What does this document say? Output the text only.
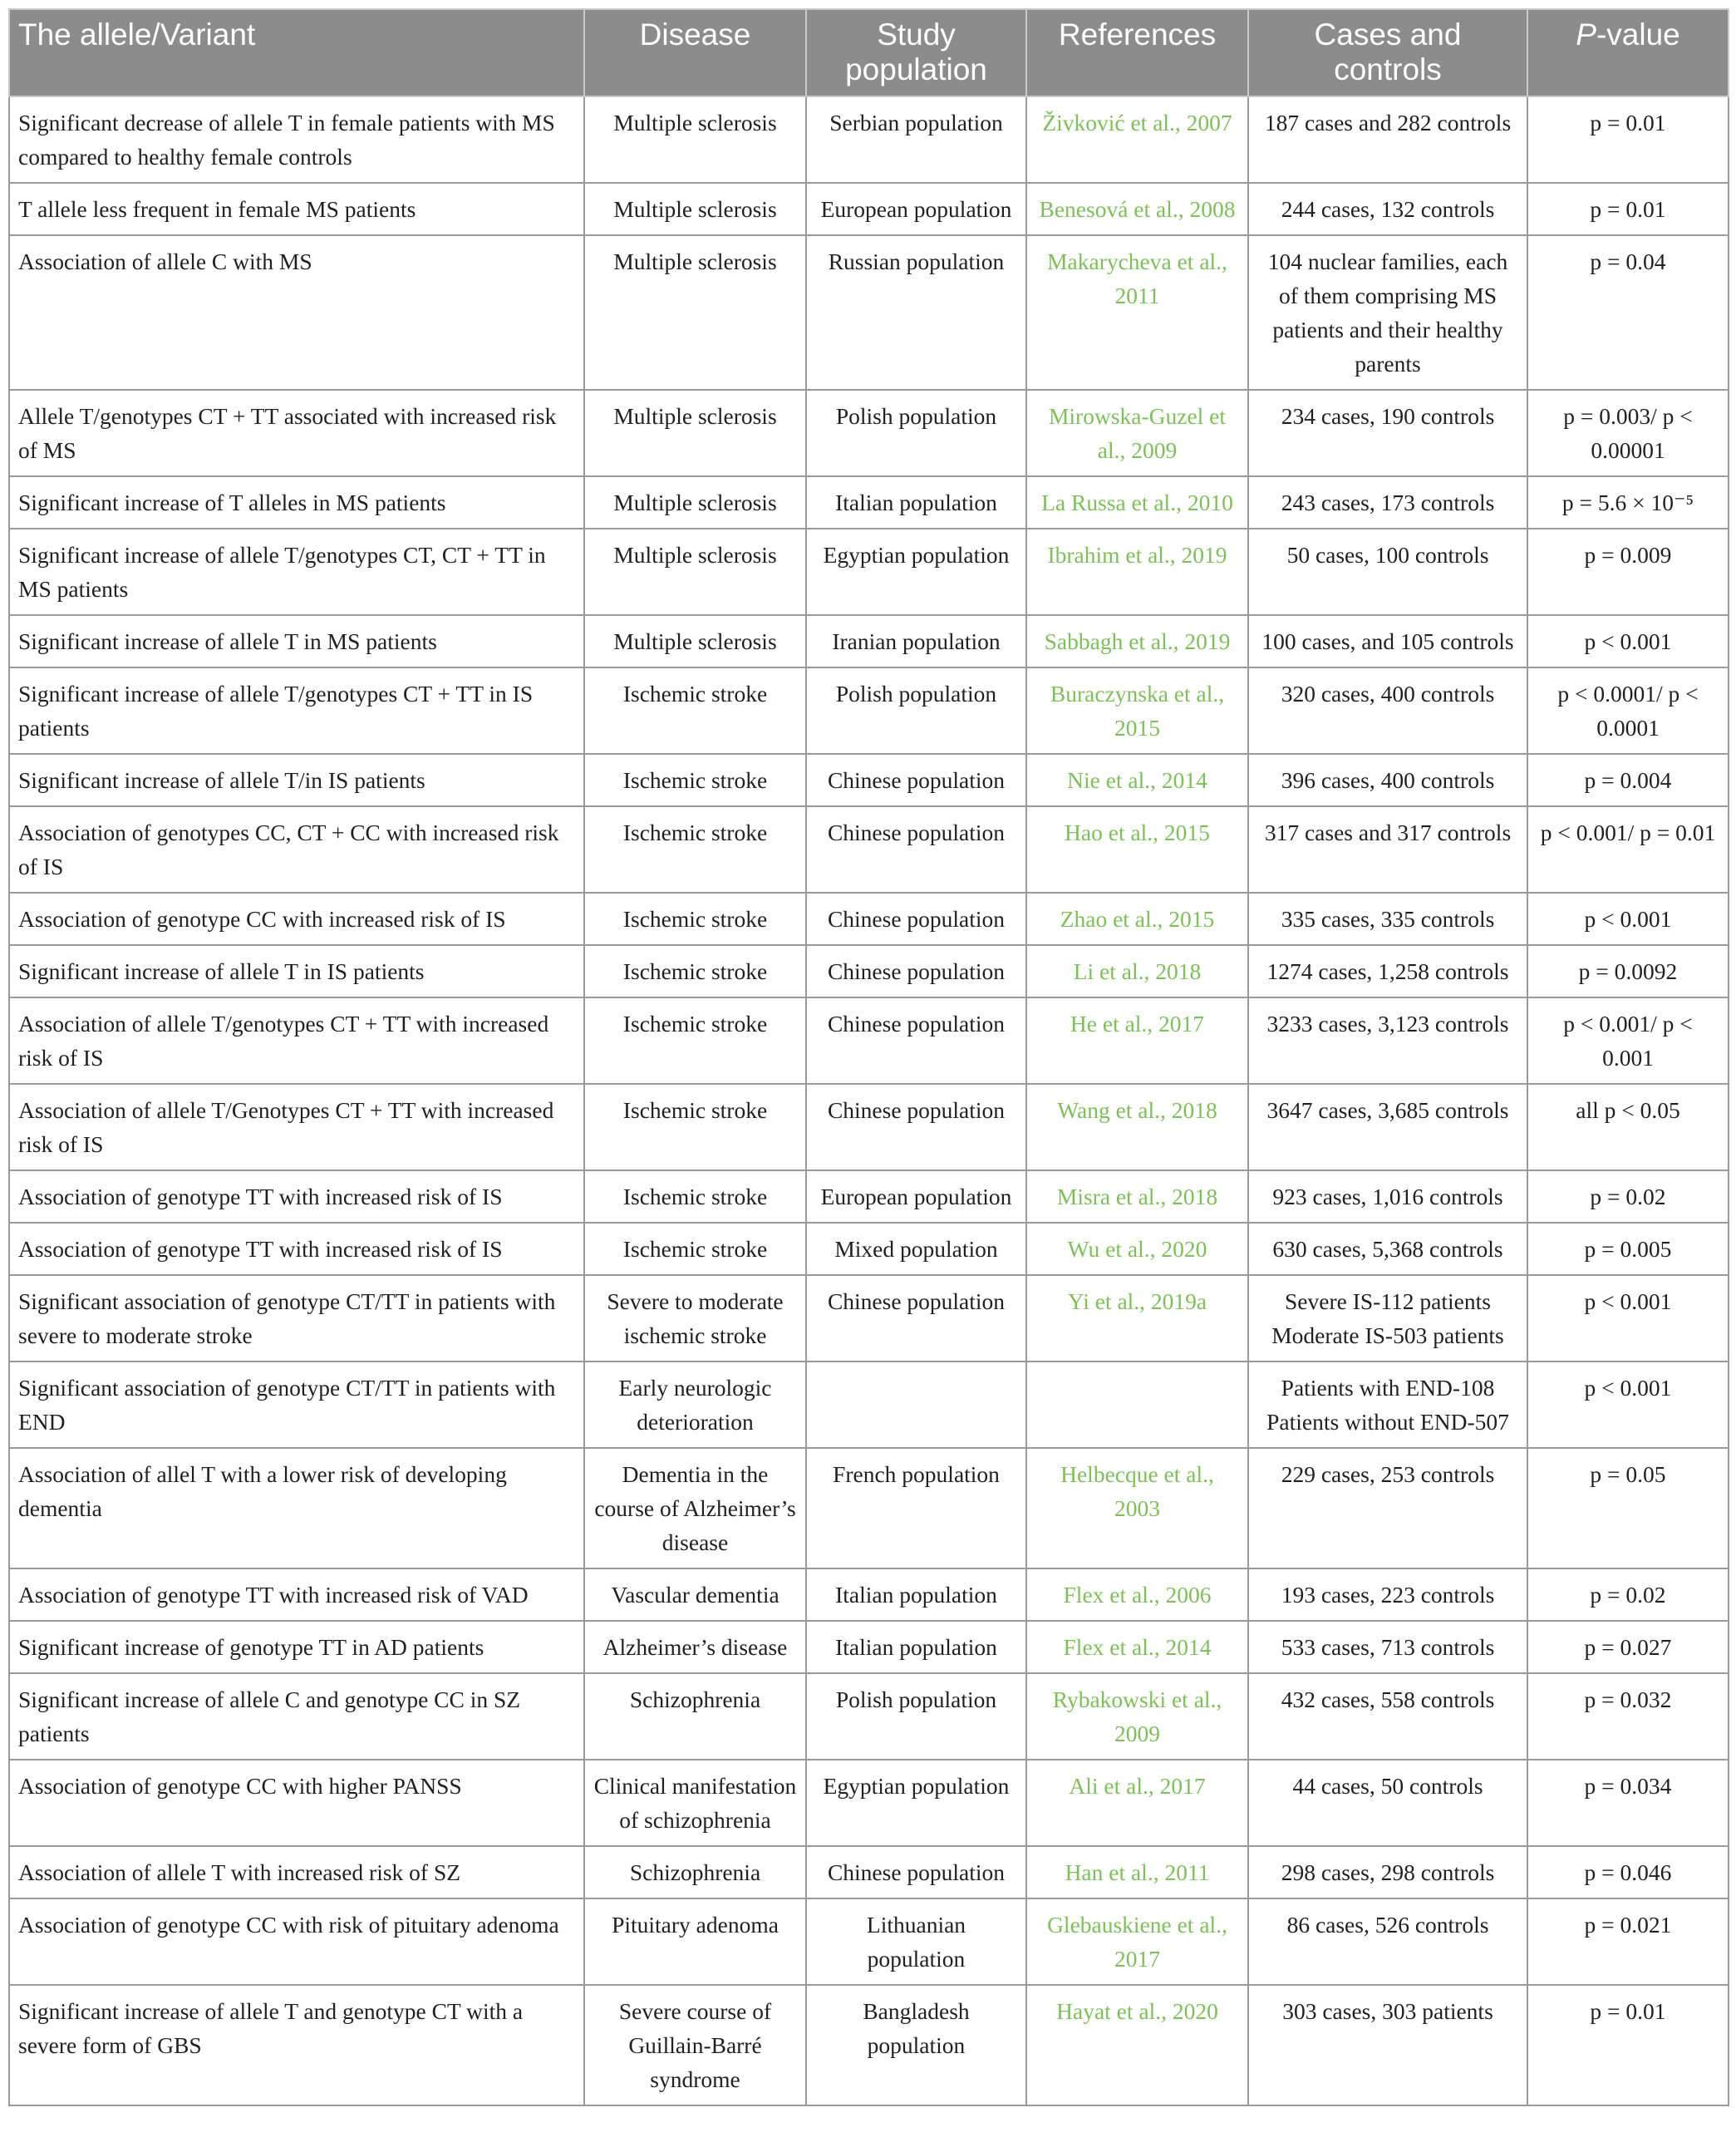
The allele/Variant	Disease	Study population	References	Cases and controls	P-value
Significant decrease of allele T in female patients with MS compared to healthy female controls	Multiple sclerosis	Serbian population	Živković et al., 2007	187 cases and 282 controls	p = 0.01
T allele less frequent in female MS patients	Multiple sclerosis	European population	Benesová et al., 2008	244 cases, 132 controls	p = 0.01
Association of allele C with MS	Multiple sclerosis	Russian population	Makarycheva et al., 2011	104 nuclear families, each of them comprising MS patients and their healthy parents	p = 0.04
Allele T/genotypes CT + TT associated with increased risk of MS	Multiple sclerosis	Polish population	Mirowska-Guzel et al., 2009	234 cases, 190 controls	p = 0.003/ p < 0.00001
Significant increase of T alleles in MS patients	Multiple sclerosis	Italian population	La Russa et al., 2010	243 cases, 173 controls	p = 5.6 × 10⁻⁵
Significant increase of allele T/genotypes CT, CT + TT in MS patients	Multiple sclerosis	Egyptian population	Ibrahim et al., 2019	50 cases, 100 controls	p = 0.009
Significant increase of allele T in MS patients	Multiple sclerosis	Iranian population	Sabbagh et al., 2019	100 cases, and 105 controls	p < 0.001
Significant increase of allele T/genotypes CT + TT in IS patients	Ischemic stroke	Polish population	Buraczynska et al., 2015	320 cases, 400 controls	p < 0.0001/ p < 0.0001
Significant increase of allele T/in IS patients	Ischemic stroke	Chinese population	Nie et al., 2014	396 cases, 400 controls	p = 0.004
Association of genotypes CC, CT + CC with increased risk of IS	Ischemic stroke	Chinese population	Hao et al., 2015	317 cases and 317 controls	p < 0.001/ p = 0.01
Association of genotype CC with increased risk of IS	Ischemic stroke	Chinese population	Zhao et al., 2015	335 cases, 335 controls	p < 0.001
Significant increase of allele T in IS patients	Ischemic stroke	Chinese population	Li et al., 2018	1274 cases, 1,258 controls	p = 0.0092
Association of allele T/genotypes CT + TT with increased risk of IS	Ischemic stroke	Chinese population	He et al., 2017	3233 cases, 3,123 controls	p < 0.001/ p < 0.001
Association of allele T/Genotypes CT + TT with increased risk of IS	Ischemic stroke	Chinese population	Wang et al., 2018	3647 cases, 3,685 controls	all p < 0.05
Association of genotype TT with increased risk of IS	Ischemic stroke	European population	Misra et al., 2018	923 cases, 1,016 controls	p = 0.02
Association of genotype TT with increased risk of IS	Ischemic stroke	Mixed population	Wu et al., 2020	630 cases, 5,368 controls	p = 0.005
Significant association of genotype CT/TT in patients with severe to moderate stroke	Severe to moderate ischemic stroke	Chinese population	Yi et al., 2019a	Severe IS-112 patients Moderate IS-503 patients	p < 0.001
Significant association of genotype CT/TT in patients with END	Early neurologic deterioration			Patients with END-108 Patients without END-507	p < 0.001
Association of allel T with a lower risk of developing dementia	Dementia in the course of Alzheimer’s disease	French population	Helbecque et al., 2003	229 cases, 253 controls	p = 0.05
Association of genotype TT with increased risk of VAD	Vascular dementia	Italian population	Flex et al., 2006	193 cases, 223 controls	p = 0.02
Significant increase of genotype TT in AD patients	Alzheimer’s disease	Italian population	Flex et al., 2014	533 cases, 713 controls	p = 0.027
Significant increase of allele C and genotype CC in SZ patients	Schizophrenia	Polish population	Rybakowski et al., 2009	432 cases, 558 controls	p = 0.032
Association of genotype CC with higher PANSS	Clinical manifestation of schizophrenia	Egyptian population	Ali et al., 2017	44 cases, 50 controls	p = 0.034
Association of allele T with increased risk of SZ	Schizophrenia	Chinese population	Han et al., 2011	298 cases, 298 controls	p = 0.046
Association of genotype CC with risk of pituitary adenoma	Pituitary adenoma	Lithuanian population	Glebauskiene et al., 2017	86 cases, 526 controls	p = 0.021
Significant increase of allele T and genotype CT with a severe form of GBS	Severe course of Guillain-Barré syndrome	Bangladesh population	Hayat et al., 2020	303 cases, 303 patients	p = 0.01
